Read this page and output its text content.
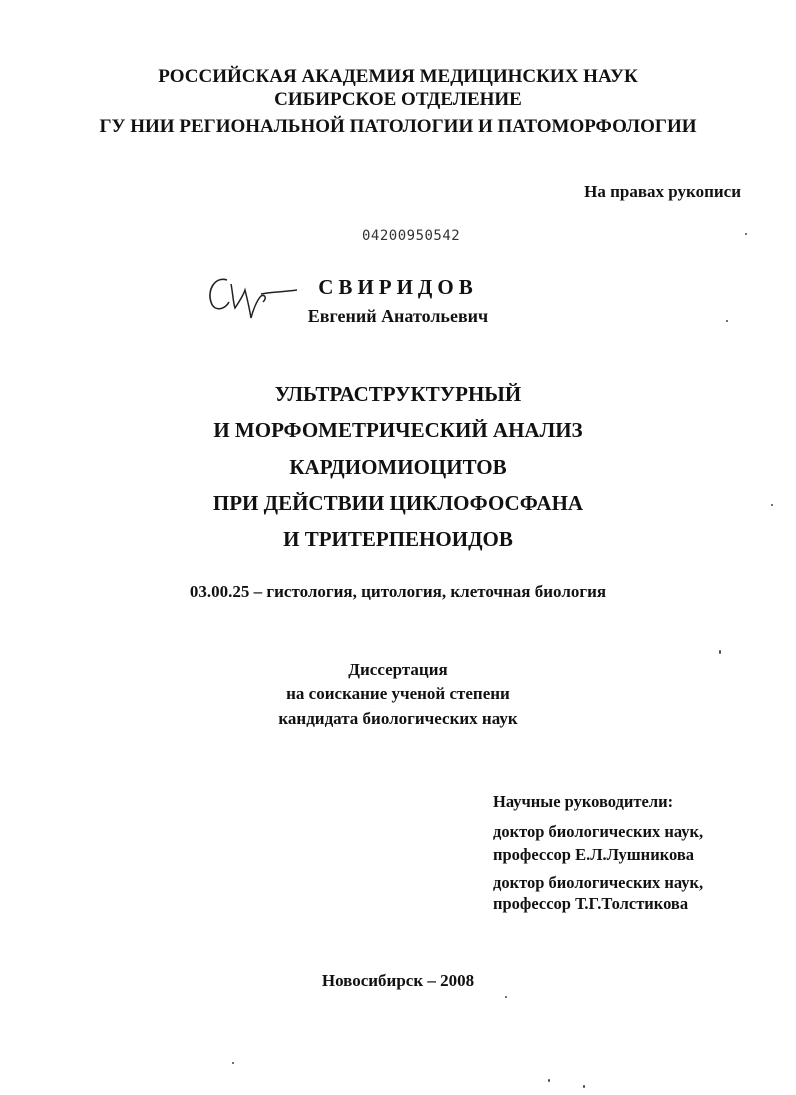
РОССИЙСКАЯ АКАДЕМИЯ МЕДИЦИНСКИХ НАУК
СИБИРСКОЕ ОТДЕЛЕНИЕ
ГУ НИИ РЕГИОНАЛЬНОЙ ПАТОЛОГИИ И ПАТОМОРФОЛОГИИ
На правах рукописи
04200950542
Свр
СВИРИДОВ
Евгений Анатольевич
УЛЬТРАСТРУКТУРНЫЙ
И МОРФОМЕТРИЧЕСКИЙ АНАЛИЗ
КАРДИОМИОЦИТОВ
ПРИ ДЕЙСТВИИ ЦИКЛОФОСФАНА
И ТРИТЕРПЕНОИДОВ
03.00.25 – гистология, цитология, клеточная биология
Диссертация
на соискание ученой степени
кандидата биологических наук
Научные руководители:
доктор биологических наук,
профессор Е.Л.Лушникова
доктор биологических наук,
профессор Т.Г.Толстикова
Новосибирск – 2008
